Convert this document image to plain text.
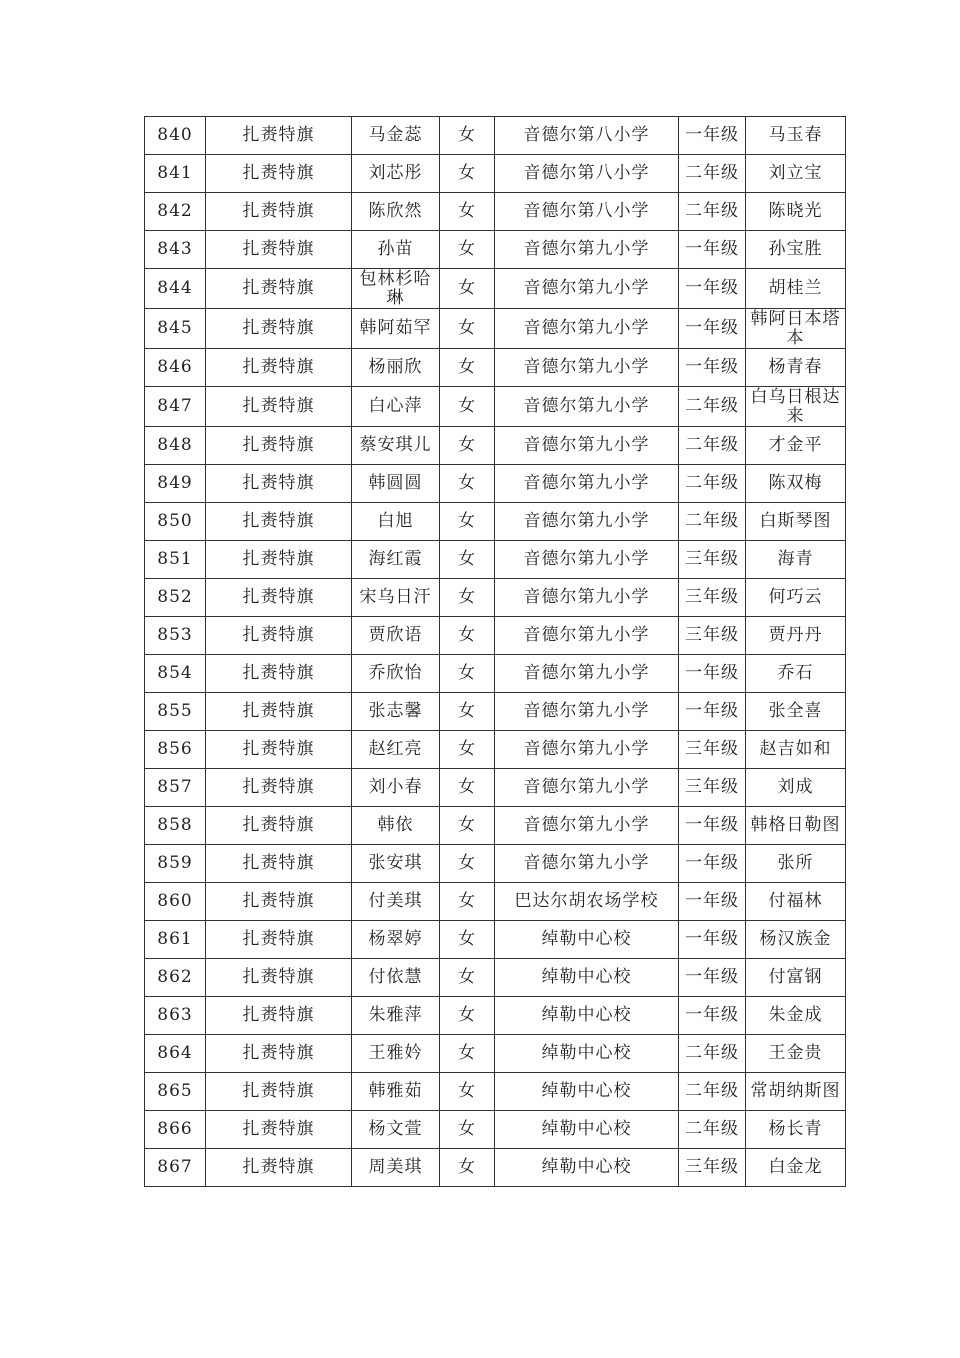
840	扎赉特旗	马金蕊	女	音德尔第八小学	一年级	马玉春
841	扎赉特旗	刘芯彤	女	音德尔第八小学	二年级	刘立宝
842	扎赉特旗	陈欣然	女	音德尔第八小学	二年级	陈晓光
843	扎赉特旗	孙苗	女	音德尔第九小学	一年级	孙宝胜
844	扎赉特旗	包林杉哈琳	女	音德尔第九小学	一年级	胡桂兰
845	扎赉特旗	韩阿茹罕	女	音德尔第九小学	一年级	韩阿日本塔本
846	扎赉特旗	杨丽欣	女	音德尔第九小学	一年级	杨青春
847	扎赉特旗	白心萍	女	音德尔第九小学	二年级	白乌日根达来
848	扎赉特旗	蔡安琪儿	女	音德尔第九小学	二年级	才金平
849	扎赉特旗	韩圆圆	女	音德尔第九小学	二年级	陈双梅
850	扎赉特旗	白旭	女	音德尔第九小学	二年级	白斯琴图
851	扎赉特旗	海红霞	女	音德尔第九小学	三年级	海青
852	扎赉特旗	宋乌日汗	女	音德尔第九小学	三年级	何巧云
853	扎赉特旗	贾欣语	女	音德尔第九小学	三年级	贾丹丹
854	扎赉特旗	乔欣怡	女	音德尔第九小学	一年级	乔石
855	扎赉特旗	张志馨	女	音德尔第九小学	一年级	张全喜
856	扎赉特旗	赵红亮	女	音德尔第九小学	三年级	赵吉如和
857	扎赉特旗	刘小春	女	音德尔第九小学	三年级	刘成
858	扎赉特旗	韩依	女	音德尔第九小学	一年级	韩格日勒图
859	扎赉特旗	张安琪	女	音德尔第九小学	一年级	张所
860	扎赉特旗	付美琪	女	巴达尔胡农场学校	一年级	付福林
861	扎赉特旗	杨翠婷	女	绰勒中心校	一年级	杨汉族金
862	扎赉特旗	付依慧	女	绰勒中心校	一年级	付富钢
863	扎赉特旗	朱雅萍	女	绰勒中心校	一年级	朱金成
864	扎赉特旗	王雅妗	女	绰勒中心校	二年级	王金贵
865	扎赉特旗	韩雅茹	女	绰勒中心校	二年级	常胡纳斯图
866	扎赉特旗	杨文萱	女	绰勒中心校	二年级	杨长青
867	扎赉特旗	周美琪	女	绰勒中心校	三年级	白金龙
